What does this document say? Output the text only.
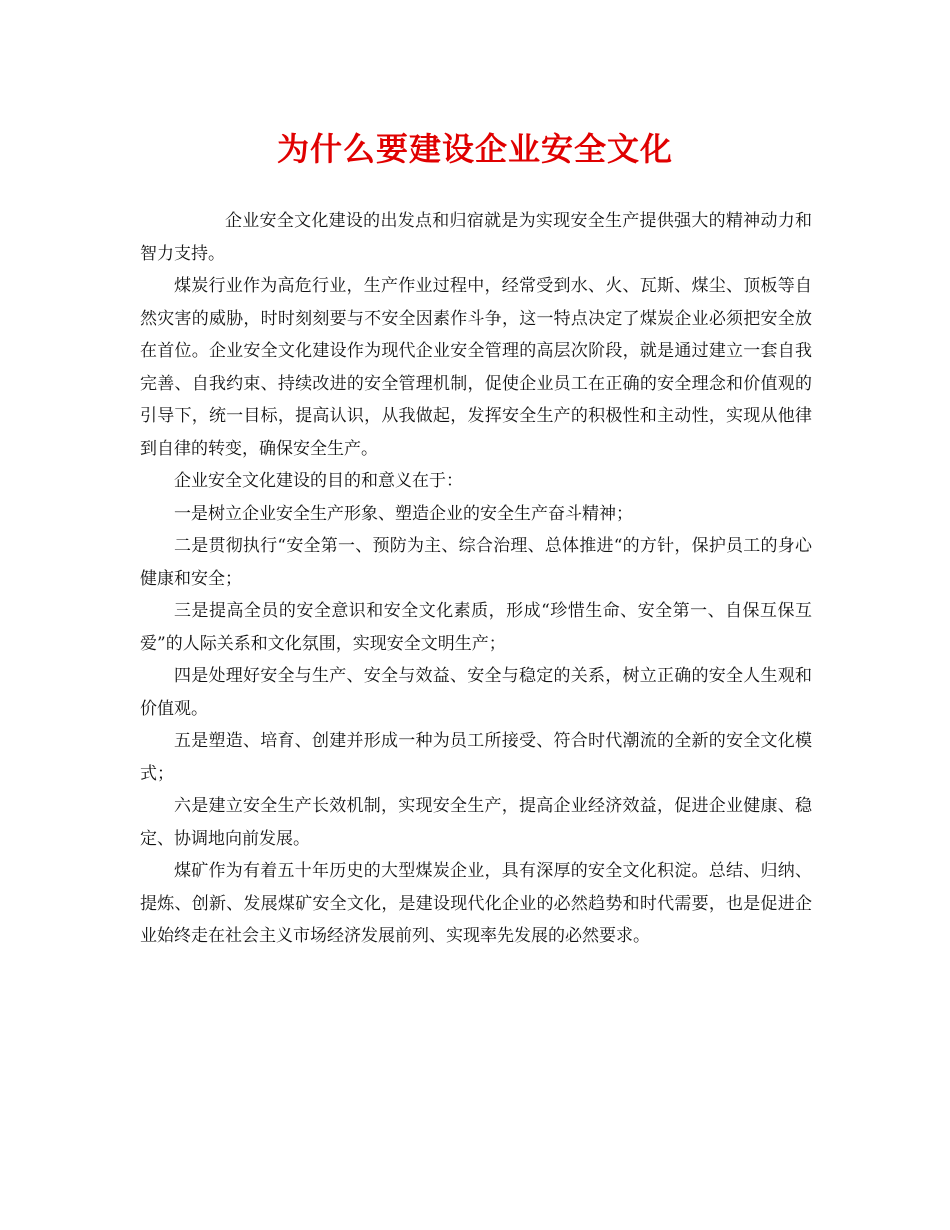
为什么要建设企业安全文化

企业安全文化建设的出发点和归宿就是为实现安全生产提供强大的精神动力和智力支持。

煤炭行业作为高危行业，生产作业过程中，经常受到水、火、瓦斯、煤尘、顶板等自然灾害的威胁，时时刻刻要与不安全因素作斗争，这一特点决定了煤炭企业必须把安全放在首位。企业安全文化建设作为现代企业安全管理的高层次阶段，就是通过建立一套自我完善、自我约束、持续改进的安全管理机制，促使企业员工在正确的安全理念和价值观的引导下，统一目标，提高认识，从我做起，发挥安全生产的积极性和主动性，实现从他律到自律的转变，确保安全生产。

企业安全文化建设的目的和意义在于：

一是树立企业安全生产形象、塑造企业的安全生产奋斗精神；

二是贯彻执行“安全第一、预防为主、综合治理、总体推进“的方针，保护员工的身心健康和安全；

三是提高全员的安全意识和安全文化素质，形成“珍惜生命、安全第一、自保互保互爱”的人际关系和文化氛围，实现安全文明生产；

四是处理好安全与生产、安全与效益、安全与稳定的关系，树立正确的安全人生观和价值观。

五是塑造、培育、创建并形成一种为员工所接受、符合时代潮流的全新的安全文化模式；

六是建立安全生产长效机制，实现安全生产，提高企业经济效益，促进企业健康、稳定、协调地向前发展。

煤矿作为有着五十年历史的大型煤炭企业，具有深厚的安全文化积淀。总结、归纳、提炼、创新、发展煤矿安全文化，是建设现代化企业的必然趋势和时代需要，也是促进企业始终走在社会主义市场经济发展前列、实现率先发展的必然要求。
